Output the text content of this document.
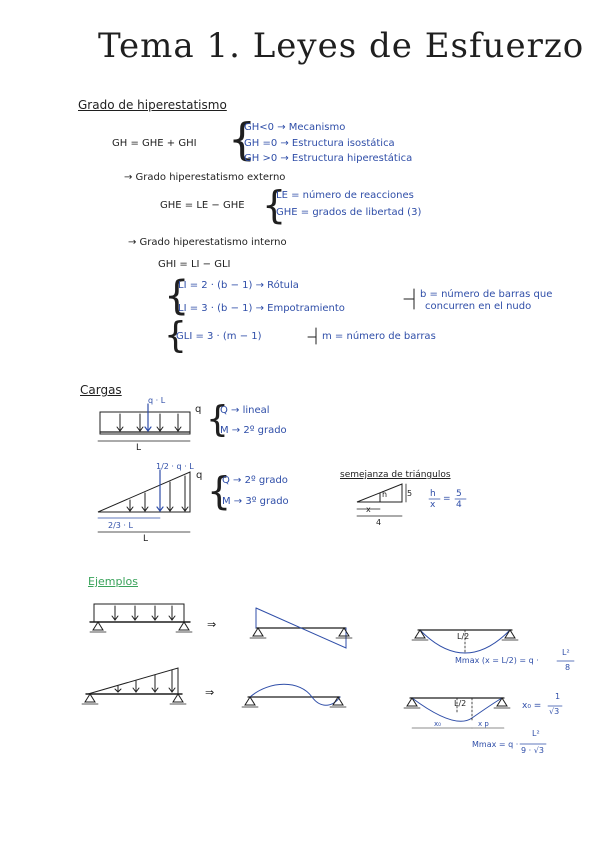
Tema 1. Leyes de Esfuerzo
Grado de hiperestatismo
GH = GHE + GHI {
GH<0 → Mecanismo
GH =0 → Estructura isostática
GH >0 → Estructura hiperestática
→ Grado hiperestatismo externo
GHE = LE − GHE {
LE = número de reacciones
GHE = grados de libertad (3)
→ Grado hiperestatismo interno
GHI = LI − GLI
{
LI = 2 · (b − 1) → Rótula
LI = 3 · (b − 1) → Empotramiento
b = número de barras que
concurren en el nudo
{
GLI = 3 · (m − 1)	m = número de barras
Cargas
q · L
q {
Q → lineal
M → 2º grado
L
1/2 · q · L
q {
Q → 2º grado
M → 3º grado
2/3 · L
L
semejanza de triángulos
h 5
x
4
h
x
= 5
4
Ejemplos
⇒
⇒
L/2
Mmax (x = L/2) = q ·
L²
8
L/2
x₀	x p
x₀ =
1
√3
Mmax = q ·
L²
9 · √3
